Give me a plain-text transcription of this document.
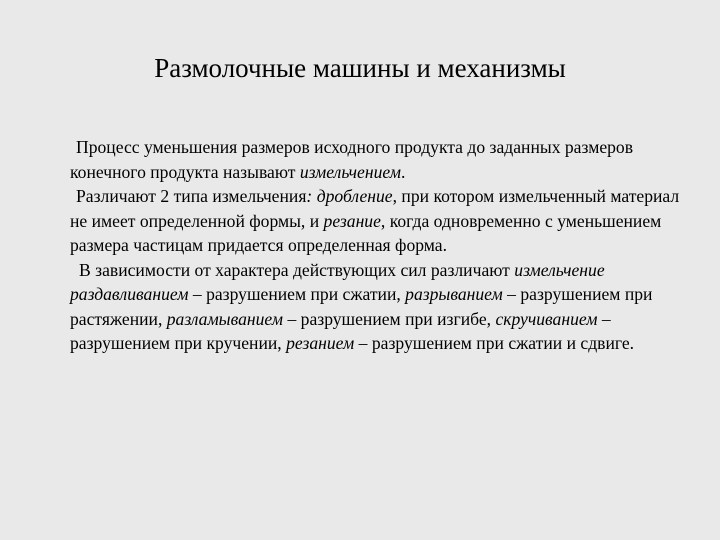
Размолочные машины и механизмы

Процесс уменьшения размеров исходного продукта до заданных размеров конечного продукта называют измельчением.

Различают 2 типа измельчения: дробление, при котором измельченный материал не имеет определенной формы, и резание, когда одновременно с уменьшением размера частицам придается определенная форма.

В зависимости от характера действующих сил различают измельчение раздавливанием – разрушением при сжатии, разрыванием – разрушением при растяжении, разламыванием – разрушением при изгибе, скручиванием – разрушением при кручении, резанием – разрушением при сжатии и сдвиге.
